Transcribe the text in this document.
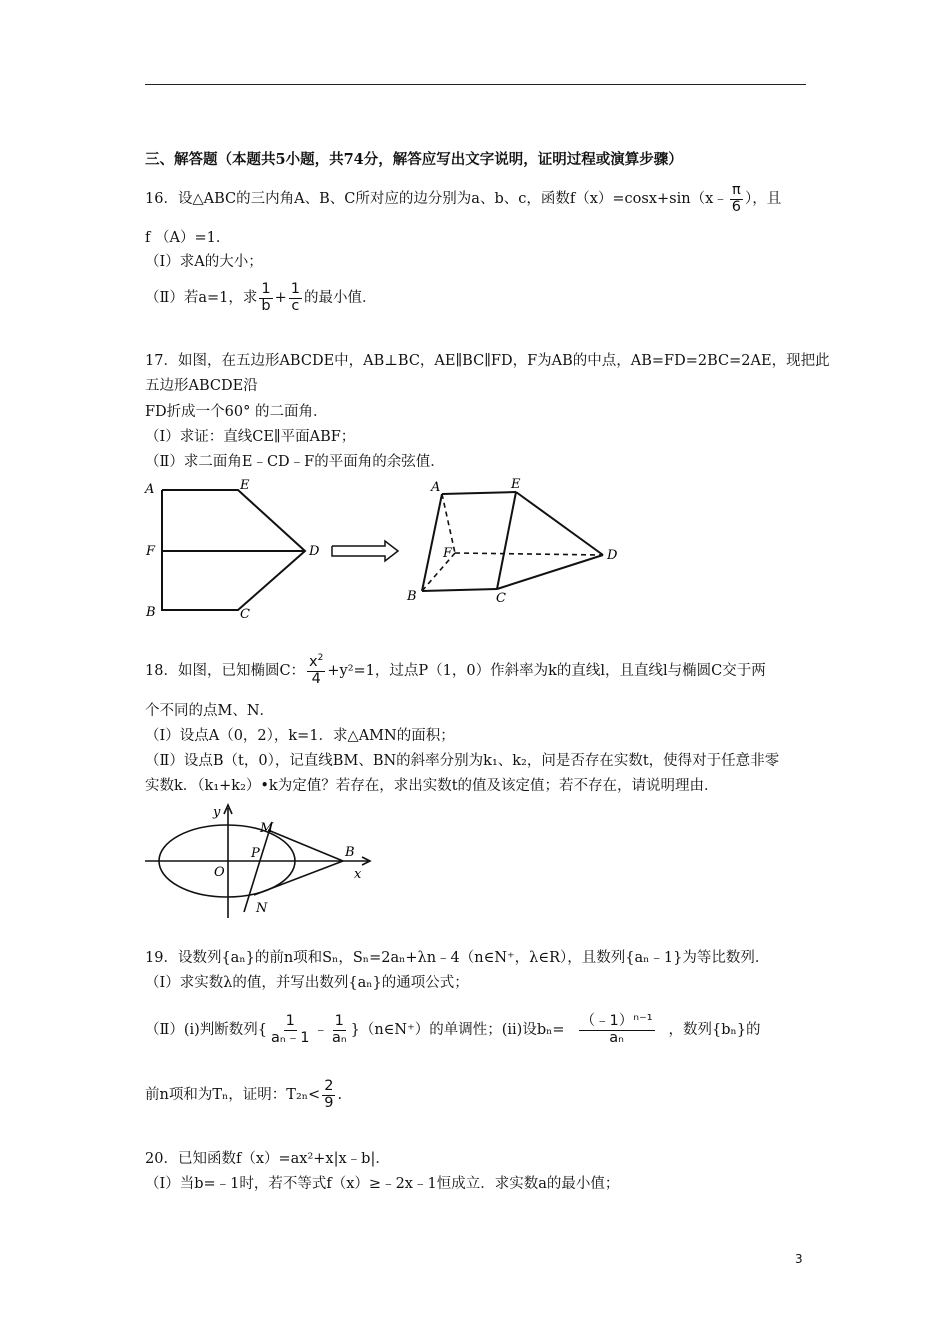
三、解答题（本题共5小题，共74分，解答应写出文字说明，证明过程或演算步骤）
16．设△ABC的三内角A、B、C所对应的边分别为a、b、c，函数f（x）=cosx+sin（x﹣ $\frac{\pi}{6}$ ），且
f （A）=1．
（Ⅰ）求A的大小；
（Ⅱ）若a=1，求 $\frac{1}{b} + \frac{1}{c}$ 的最小值．
17．如图，在五边形ABCDE中，AB⊥BC，AE∥BC∥FD，F为AB的中点，AB=FD=2BC=2AE，现把此
五边形ABCDE沿
FD折成一个60° 的二面角．
（Ⅰ）求证：直线CE∥平面ABF；
（Ⅱ）求二面角E﹣CD﹣F的平面角的余弦值．
A	E
F	D
B	C
A	E
F	D
B	C
18．如图，已知椭圆C： $\frac{x^2}{4} +y^2=1$，过点P（1，0）作斜率为k的直线l，且直线l与椭圆C交于两
个不同的点M、N．
（Ⅰ）设点A（0，2），k=1．求△AMN的面积；
（Ⅱ）设点B（t，0），记直线BM、BN的斜率分别为k₁、k₂，问是否存在实数t，使得对于任意非零
实数k．（k₁+k₂）•k为定值？若存在，求出实数t的值及该定值；若不存在，请说明理由．
y
M
P	B
O	x
N
19．设数列{aₙ}的前n项和Sₙ，Sₙ=2aₙ+λn﹣4（n∈N⁺，λ∈R），且数列{aₙ﹣1}为等比数列．
（Ⅰ）求实数λ的值，并写出数列{aₙ}的通项公式；
（Ⅱ）(i)判断数列{ $\frac{1}{\text{aₙ﹣1}}$ ﹣ $\frac{1}{\text{aₙ}}$ }（n∈N⁺）的单调性；(ii)设$b_n= \frac{\text{（﹣1）ⁿ⁻¹}}{\text{aₙ}}$ ，数列{bₙ}的
前n项和为Tₙ，证明：$T_{2n}< \frac{2}{9}$ .
20．已知函数f（x）=ax²+x|x﹣b|．
（Ⅰ）当b=﹣1时，若不等式f（x）≥﹣2x﹣1恒成立．求实数a的最小值；
3
